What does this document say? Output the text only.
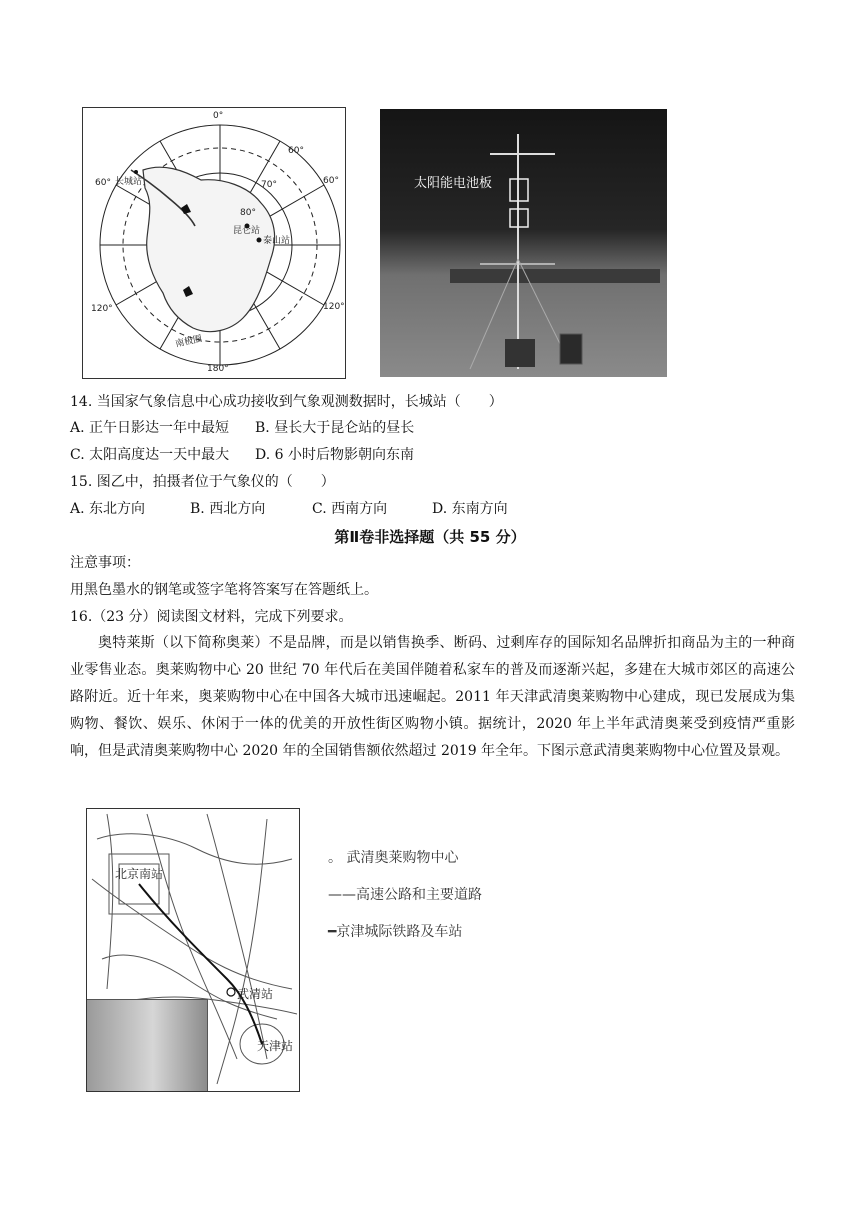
0°
60°
60°	60°
长城站	70°
80°
昆仑站
泰山站
120°	120°
南极圈
180°
太阳能电池板
14. 当国家气象信息中心成功接收到气象观测数据时，长城站（　　）
A. 正午日影达一年中最短 B. 昼长大于昆仑站的昼长
C. 太阳高度达一天中最大 D. 6 小时后物影朝向东南
15. 图乙中，拍摄者位于气象仪的（　　）
A. 东北方向	B. 西北方向	C. 西南方向	D. 东南方向
第Ⅱ卷非选择题（共 55 分）
注意事项：
用黑色墨水的钢笔或签字笔将答案写在答题纸上。
16.（23 分）阅读图文材料，完成下列要求。
奥特莱斯（以下简称奥莱）不是品牌，而是以销售换季、断码、过剩库存的国际知名品牌折扣商品为主的一种商业零售业态。奥莱购物中心 20 世纪 70 年代后在美国伴随着私家车的普及而逐渐兴起，多建在大城市郊区的高速公路附近。近十年来，奥莱购物中心在中国各大城市迅速崛起。2011 年天津武清奥莱购物中心建成，现已发展成为集购物、餐饮、娱乐、休闲于一体的优美的开放性街区购物小镇。据统计，2020 年上半年武清奥莱受到疫情严重影响，但是武清奥莱购物中心 2020 年的全国销售额依然超过 2019 年全年。下图示意武清奥莱购物中心位置及景观。
北京南站
武清站
天津站
。 武清奥莱购物中心
——高速公路和主要道路
━京津城际铁路及车站
